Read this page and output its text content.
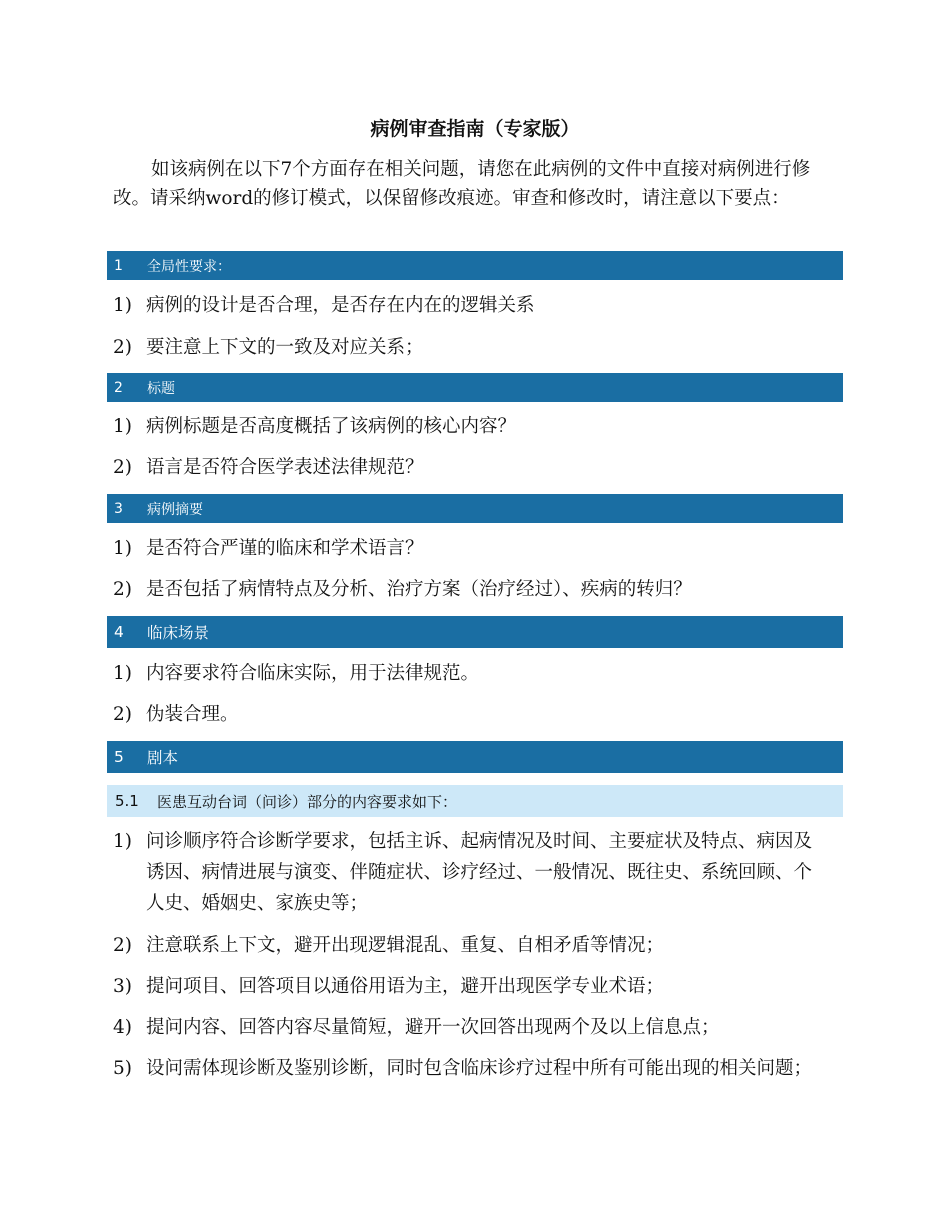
病例审查指南（专家版）
如该病例在以下7个方面存在相关问题，请您在此病例的文件中直接对病例进行修改。请采纳word的修订模式，以保留修改痕迹。审查和修改时，请注意以下要点：
1	全局性要求：
1) 病例的设计是否合理，是否存在内在的逻辑关系
2) 要注意上下文的一致及对应关系；
2	标题
1) 病例标题是否高度概括了该病例的核心内容？
2) 语言是否符合医学表述法律规范？
3	病例摘要
1) 是否符合严谨的临床和学术语言？
2) 是否包括了病情特点及分析、治疗方案（治疗经过）、疾病的转归？
4	临床场景
1) 内容要求符合临床实际，用于法律规范。
2) 伪装合理。
5	剧本
5.1	医患互动台词（问诊）部分的内容要求如下：
1) 问诊顺序符合诊断学要求，包括主诉、起病情况及时间、主要症状及特点、病因及诱因、病情进展与演变、伴随症状、诊疗经过、一般情况、既往史、系统回顾、个人史、婚姻史、家族史等；
2) 注意联系上下文，避开出现逻辑混乱、重复、自相矛盾等情况；
3) 提问项目、回答项目以通俗用语为主，避开出现医学专业术语；
4) 提问内容、回答内容尽量简短，避开一次回答出现两个及以上信息点；
5) 设问需体现诊断及鉴别诊断，同时包含临床诊疗过程中所有可能出现的相关问题；
